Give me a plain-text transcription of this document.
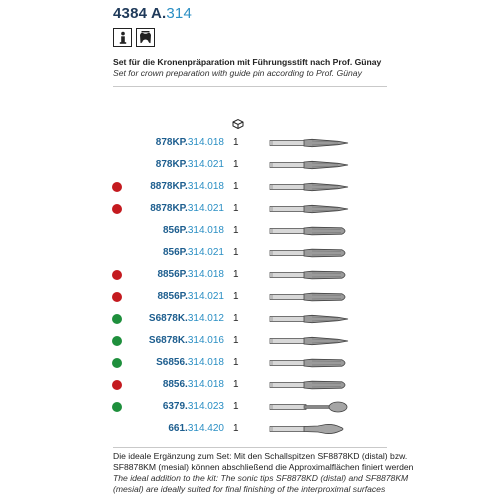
4384 A.314
Set für die Kronenpräparation mit Führungsstift nach Prof. Günay
Set for crown preparation with guide pin according to Prof. Günay
878KP.314.018 1
878KP.314.021 1
8878KP.314.018 1
8878KP.314.021 1
856P.314.018 1
856P.314.021 1
8856P.314.018 1
8856P.314.021 1
S6878K.314.012 1
S6878K.314.016 1
S6856.314.018 1
8856.314.018 1
6379.314.023 1
661.314.420 1
Die ideale Ergänzung zum Set: Mit den Schallspitzen SF8878KD (distal) bzw.
SF8878KM (mesial) können abschließend die Approximalflächen finiert werden
The ideal addition to the kit: The sonic tips SF8878KD (distal) and SF8878KM
(mesial) are ideally suited for final finishing of the interproximal surfaces
